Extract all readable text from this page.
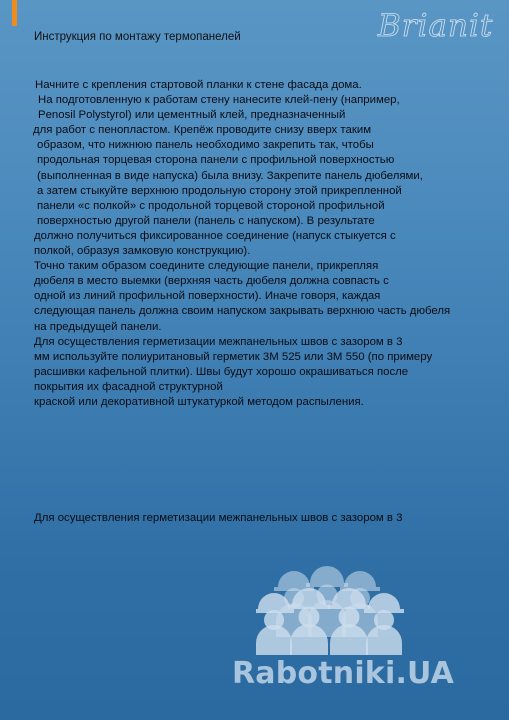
Инструкция по монтажу термопанелей	Brianit
Начните с крепления стартовой планки к стене фасада дома.
На подготовленную к работам стену нанесите клей-пену (например,
Penosil Polystyrol) или цементный клей, предназначенный
для работ с пенопластом. Крепёж проводите снизу вверх таким
образом, что нижнюю панель необходимо закрепить так, чтобы
продольная торцевая сторона панели с профильной поверхностью
(выполненная в виде напуска) была внизу. Закрепите панель дюбелями,
а затем стыкуйте верхнюю продольную сторону этой прикрепленной
панели «с полкой» с продольной торцевой стороной профильной
поверхностью другой панели (панель с напуском). В результате
должно получиться фиксированное соединение (напуск стыкуется с
полкой, образуя замковую конструкцию).
Точно таким образом соедините следующие панели, прикрепляя
дюбеля в место выемки (верхняя часть дюбеля должна совпасть с
одной из линий профильной поверхности). Иначе говоря, каждая
следующая панель должна своим напуском закрывать верхнюю часть дюбеля
на предыдущей панели.
Для осуществления герметизации межпанельных швов с зазором в 3
мм используйте полиуритановый герметик 3M 525 или 3M 550 (по примеру
расшивки кафельной плитки). Швы будут хорошо окрашиваться после
покрытия их фасадной структурной
краской или декоративной штукатуркой методом распыления.
Для осуществления герметизации межпанельных швов с зазором в 3
Rabotniki.UA
